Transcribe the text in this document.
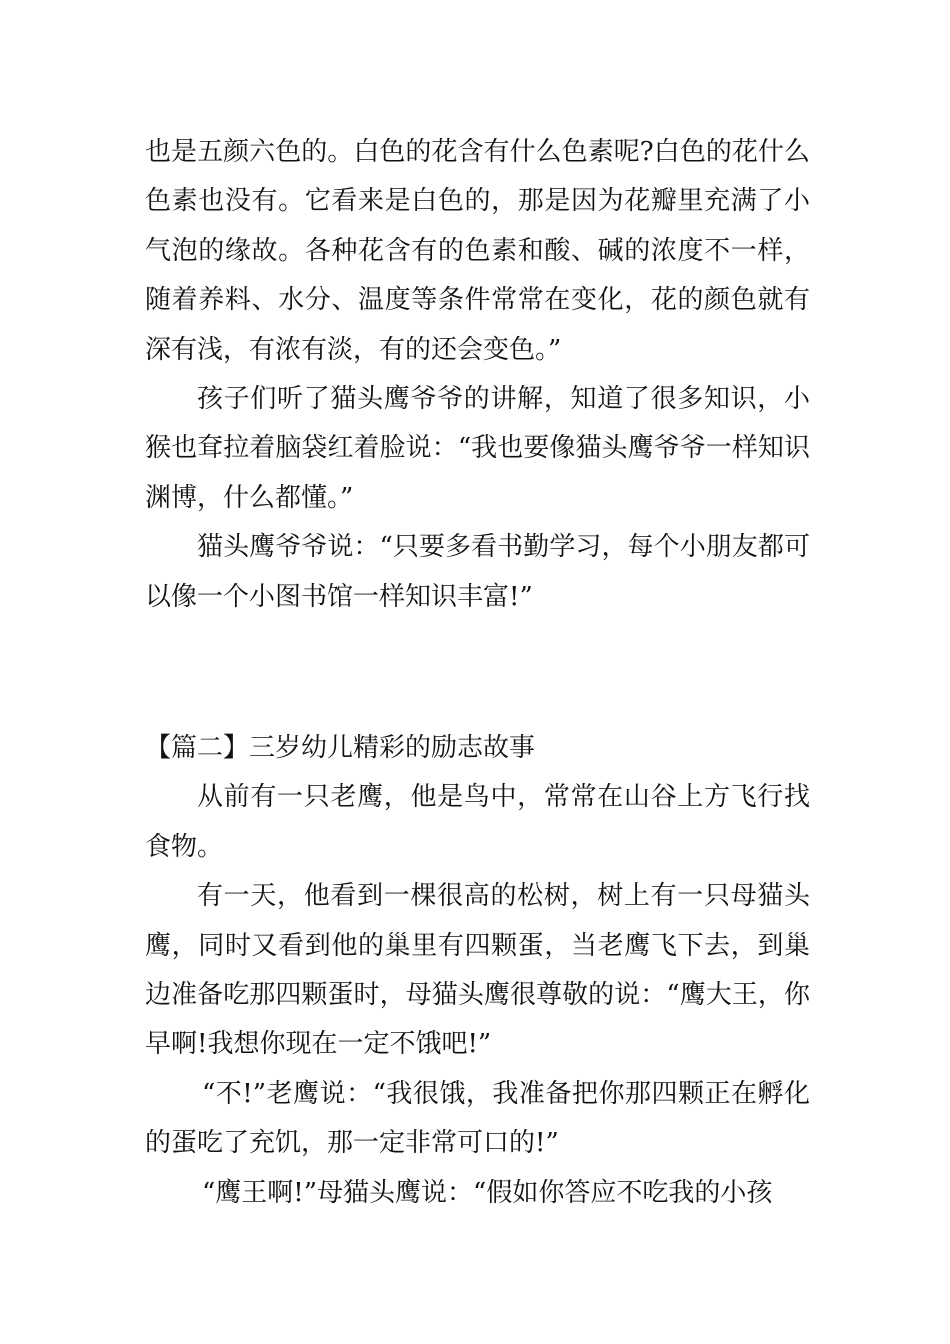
也是五颜六色的。白色的花含有什么色素呢?白色的花什么色素也没有。它看来是白色的，那是因为花瓣里充满了小气泡的缘故。各种花含有的色素和酸、碱的浓度不一样，随着养料、水分、温度等条件常常在变化，花的颜色就有深有浅，有浓有淡，有的还会变色。”

孩子们听了猫头鹰爷爷的讲解，知道了很多知识，小猴也耷拉着脑袋红着脸说：“我也要像猫头鹰爷爷一样知识渊博，什么都懂。”

猫头鹰爷爷说：“只要多看书勤学习，每个小朋友都可以像一个小图书馆一样知识丰富!”

【篇二】三岁幼儿精彩的励志故事

从前有一只老鹰，他是鸟中，常常在山谷上方飞行找食物。

有一天，他看到一棵很高的松树，树上有一只母猫头鹰，同时又看到他的巢里有四颗蛋，当老鹰飞下去，到巢边准备吃那四颗蛋时，母猫头鹰很尊敬的说：“鹰大王，你早啊!我想你现在一定不饿吧!”

“不!”老鹰说：“我很饿，我准备把你那四颗正在孵化的蛋吃了充饥，那一定非常可口的!”

“鹰王啊!”母猫头鹰说：“假如你答应不吃我的小孩
